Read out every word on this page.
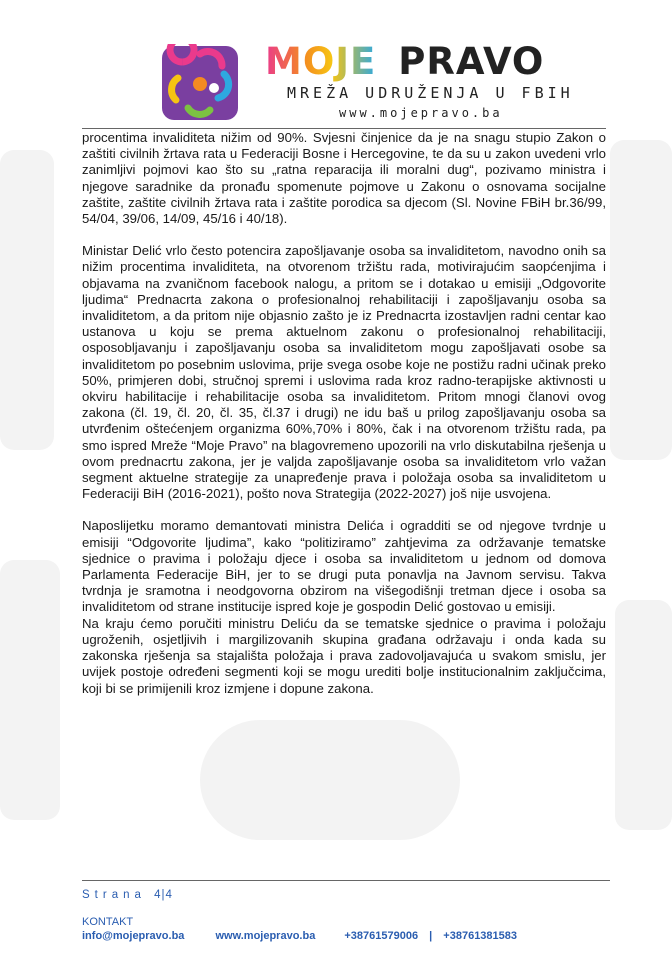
MOJE PRAVO
MREŽA UDRUŽENJA U FBIH
www.mojepravo.ba

procentima invaliditeta nižim od 90%. Svjesni činjenice da je na snagu stupio Zakon o zaštiti civilnih žrtava rata u Federaciji Bosne i Hercegovine, te da su u zakon uvedeni vrlo zanimljivi pojmovi kao što su „ratna reparacija ili moralni dug“, pozivamo ministra i njegove saradnike da pronađu spomenute pojmove u Zakonu o osnovama socijalne zaštite, zaštite civilnih žrtava rata i zaštite porodica sa djecom (Sl. Novine FBiH br.36/99, 54/04, 39/06, 14/09, 45/16 i 40/18).

Ministar Delić vrlo često potencira zapošljavanje osoba sa invaliditetom, navodno onih sa nižim procentima invaliditeta, na otvorenom tržištu rada, motivirajućim saopćenjima i objavama na zvaničnom facebook nalogu, a pritom se i dotakao u emisiji „Odgovorite ljudima“ Prednacrta zakona o profesionalnoj rehabilitaciji i zapošljavanju osoba sa invaliditetom, a da pritom nije objasnio zašto je iz Prednacrta izostavljen radni centar kao ustanova u koju se prema aktuelnom zakonu o profesionalnoj rehabilitaciji, osposobljavanju i zapošljavanju osoba sa invaliditetom mogu zapošljavati osobe sa invaliditetom po posebnim uslovima, prije svega osobe koje ne postižu radni učinak preko 50%, primjeren dobi, stručnoj spremi i uslovima rada kroz radno-terapijske aktivnosti u okviru habilitacije i rehabilitacije osoba sa invaliditetom. Pritom mnogi članovi ovog zakona (čl. 19, čl. 20, čl. 35, čl.37 i drugi) ne idu baš u prilog zapošljavanju osoba sa utvrđenim oštećenjem organizma 60%,70% i 80%, čak i na otvorenom tržištu rada, pa smo ispred Mreže “Moje Pravo” na blagovremeno upozorili na vrlo diskutabilna rješenja u ovom prednacrtu zakona, jer je valjda zapošljavanje osoba sa invaliditetom vrlo važan segment aktuelne strategije za unapređenje prava i položaja osoba sa invaliditetom u Federaciji BiH (2016-2021), pošto nova Strategija (2022-2027) još nije usvojena.

Naposlijetku moramo demantovati ministra Delića i ogradditi se od njegove tvrdnje u emisiji “Odgovorite ljudima”, kako “politiziramo” zahtjevima za održavanje tematske sjednice o pravima i položaju djece i osoba sa invaliditetom u jednom od domova Parlamenta Federacije BiH, jer to se drugi puta ponavlja na Javnom servisu. Takva tvrdnja je sramotna i neodgovorna obzirom na višegodišnji tretman djece i osoba sa invaliditetom od strane institucije ispred koje je gospodin Delić gostovao u emisiji.

Na kraju ćemo poručiti ministru Deliću da se tematske sjednice o pravima i položaju ugroženih, osjetljivih i margilizovanih skupina građana održavaju i onda kada su zakonska rješenja sa stajališta položaja i prava zadovoljavajuća u svakom smislu, jer uvijek postoje određeni segmenti koji se mogu urediti bolje institucionalnim zaključcima, koji bi se primijenili kroz izmjene i dopune zakona.

Strana 4|4
KONTAKT
info@mojepravo.ba	www.mojepravo.ba	+38761579006 | +38761381583
